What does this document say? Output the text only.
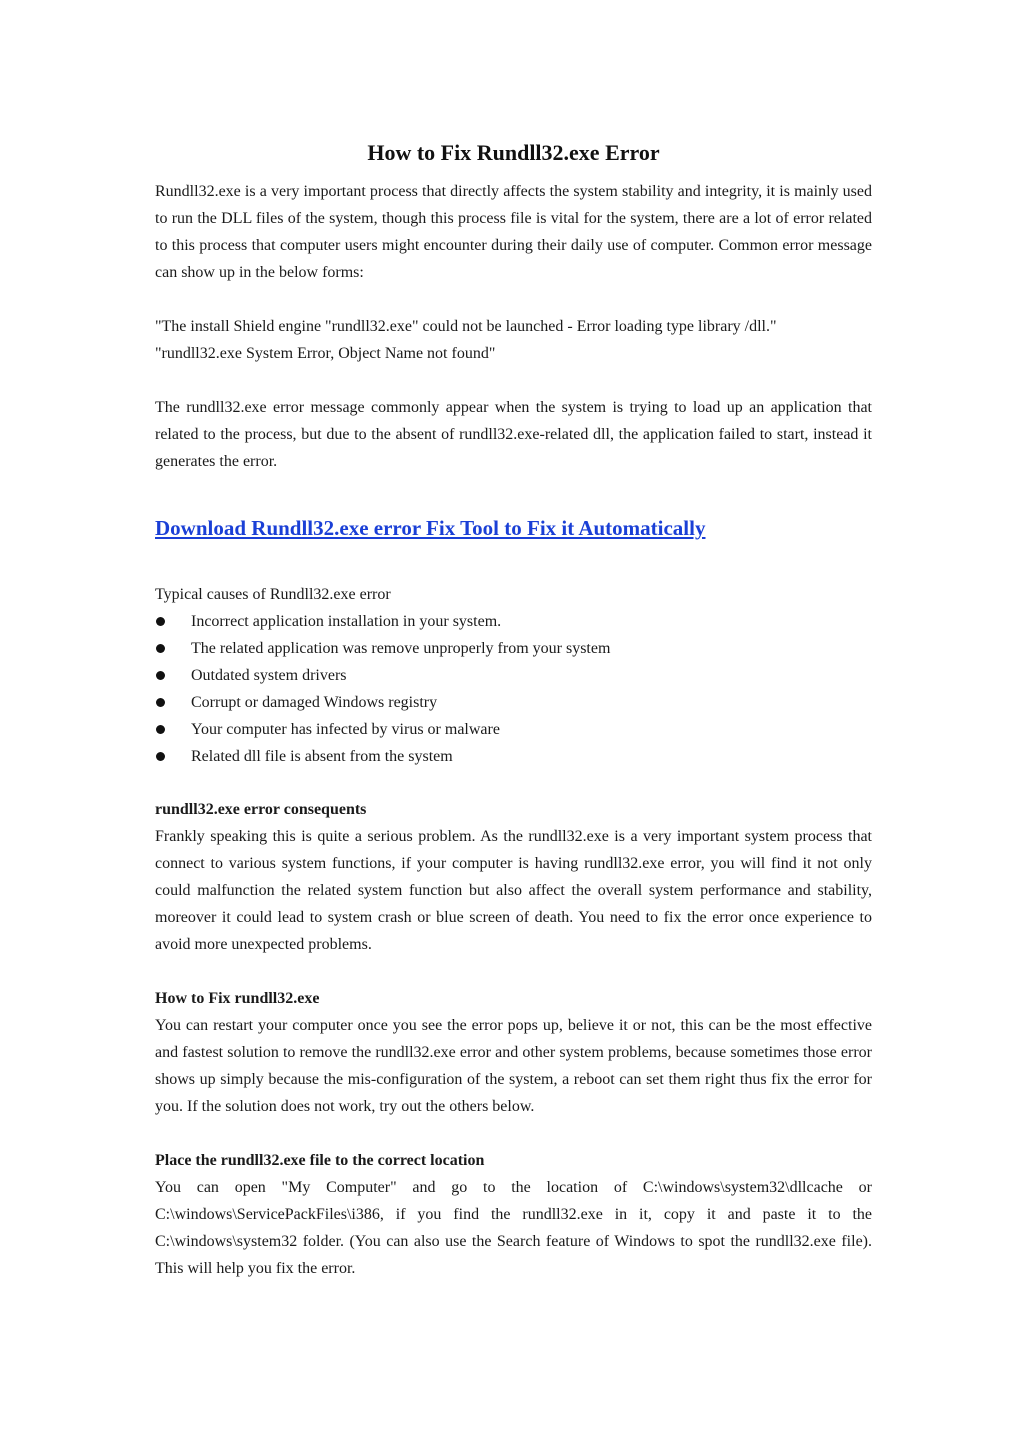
How to Fix Rundll32.exe Error

Rundll32.exe is a very important process that directly affects the system stability and integrity, it is mainly used to run the DLL files of the system, though this process file is vital for the system, there are a lot of error related to this process that computer users might encounter during their daily use of computer. Common error message can show up in the below forms:

"The install Shield engine "rundll32.exe" could not be launched - Error loading type library /dll."

"rundll32.exe System Error, Object Name not found"

The rundll32.exe error message commonly appear when the system is trying to load up an application that related to the process, but due to the absent of rundll32.exe-related dll, the application failed to start, instead it generates the error.

Download Rundll32.exe error Fix Tool to Fix it Automatically
Typical causes of Rundll32.exe error
Incorrect application installation in your system.
The related application was remove unproperly from your system
Outdated system drivers
Corrupt or damaged Windows registry
Your computer has infected by virus or malware
Related dll file is absent from the system
rundll32.exe error consequents

Frankly speaking this is quite a serious problem. As the rundll32.exe is a very important system process that connect to various system functions, if your computer is having rundll32.exe error, you will find it not only could malfunction the related system function but also affect the overall system performance and stability, moreover it could lead to system crash or blue screen of death. You need to fix the error once experience to avoid more unexpected problems.

How to Fix rundll32.exe

You can restart your computer once you see the error pops up, believe it or not, this can be the most effective and fastest solution to remove the rundll32.exe error and other system problems, because sometimes those error shows up simply because the mis-configuration of the system, a reboot can set them right thus fix the error for you. If the solution does not work, try out the others below.

Place the rundll32.exe file to the correct location

You can open "My Computer" and go to the location of C:\windows\system32\dllcache or C:\windows\ServicePackFiles\i386, if you find the rundll32.exe in it, copy it and paste it to the C:\windows\system32 folder. (You can also use the Search feature of Windows to spot the rundll32.exe file). This will help you fix the error.
